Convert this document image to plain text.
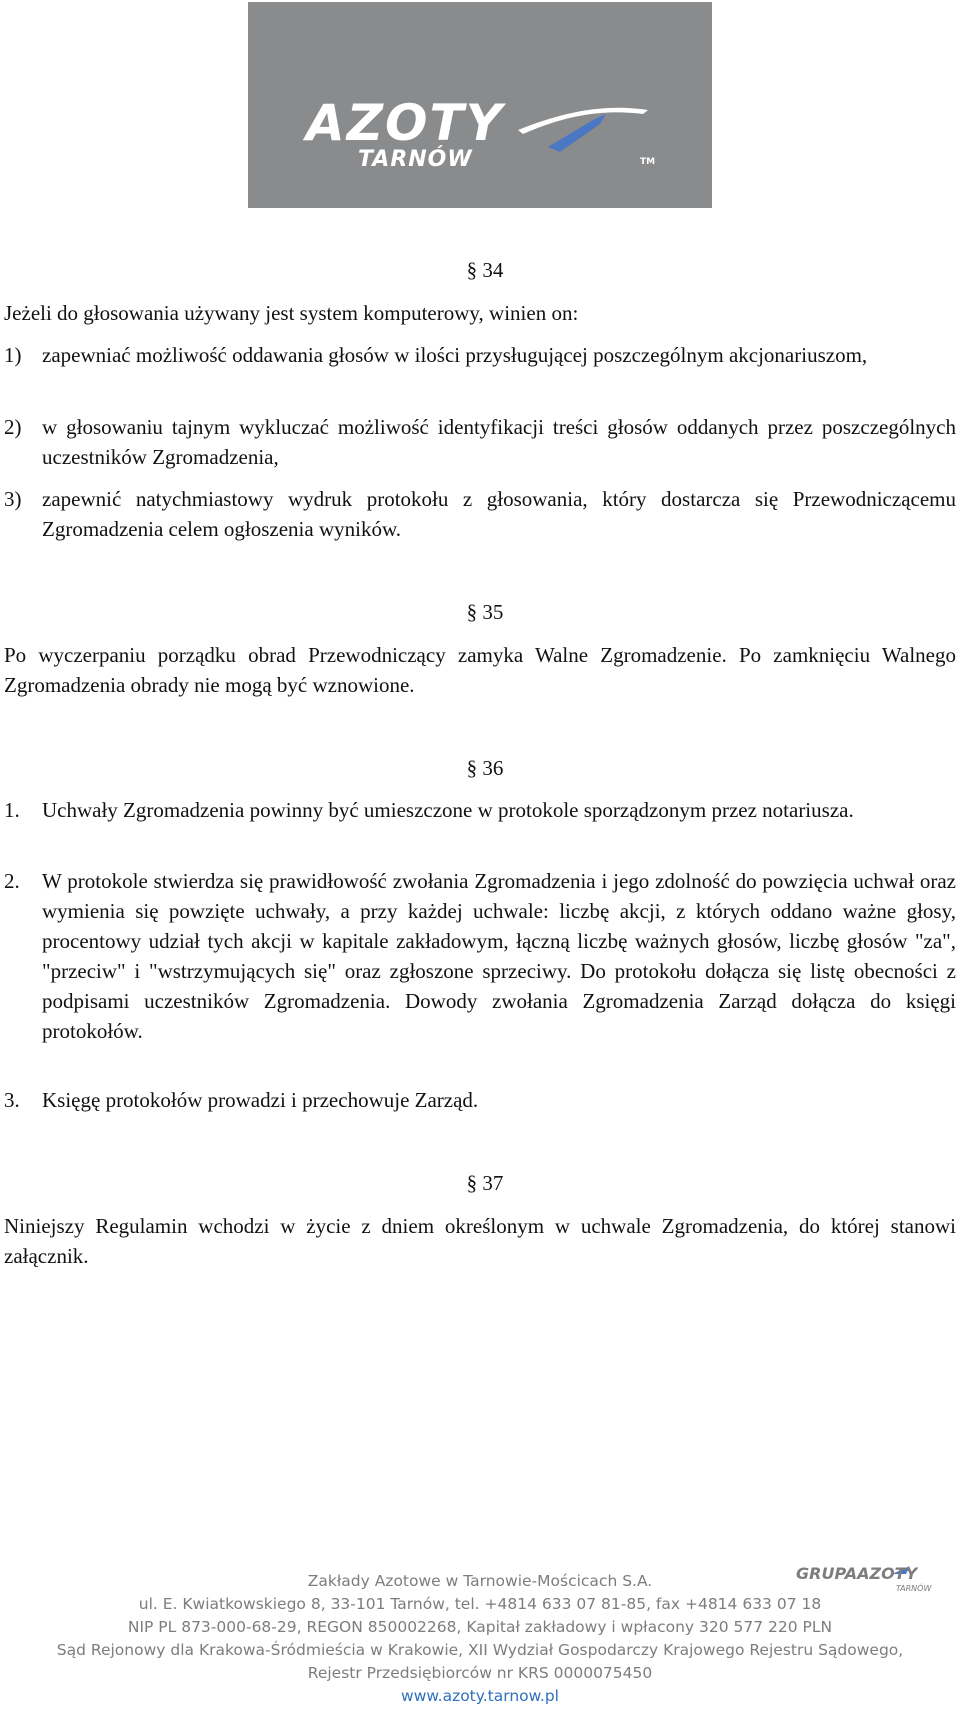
AZOTY
TARNÓW	TM
§ 34
Jeżeli do głosowania używany jest system komputerowy, winien on:
1) zapewniać możliwość oddawania głosów w ilości przysługującej poszczególnym akcjonariuszom,
2) w głosowaniu tajnym wykluczać możliwość identyfikacji treści głosów oddanych przez poszczególnych uczestników Zgromadzenia,
3) zapewnić natychmiastowy wydruk protokołu z głosowania, który dostarcza się Przewodniczącemu Zgromadzenia celem ogłoszenia wyników.
§ 35
Po wyczerpaniu porządku obrad Przewodniczący zamyka Walne Zgromadzenie. Po zamknięciu Walnego Zgromadzenia obrady nie mogą być wznowione.
§ 36
1. Uchwały Zgromadzenia powinny być umieszczone w protokole sporządzonym przez notariusza.
2. W protokole stwierdza się prawidłowość zwołania Zgromadzenia i jego zdolność do powzięcia uchwał oraz wymienia się powzięte uchwały, a przy każdej uchwale: liczbę akcji, z których oddano ważne głosy, procentowy udział tych akcji w kapitale zakładowym, łączną liczbę ważnych głosów, liczbę głosów "za", "przeciw" i "wstrzymujących się" oraz zgłoszone sprzeciwy. Do protokołu dołącza się listę obecności z podpisami uczestników Zgromadzenia. Dowody zwołania Zgromadzenia Zarząd dołącza do księgi protokołów.
3. Księgę protokołów prowadzi i przechowuje Zarząd.
§ 37
Niniejszy Regulamin wchodzi w życie z dniem określonym w uchwale Zgromadzenia, do której stanowi załącznik.
GRUPAAZOTY
TARNÓW
Zakłady Azotowe w Tarnowie-Mościcach S.A.
ul. E. Kwiatkowskiego 8, 33-101 Tarnów, tel. +4814 633 07 81-85, fax +4814 633 07 18
NIP PL 873-000-68-29, REGON 850002268, Kapitał zakładowy i wpłacony 320 577 220 PLN
Sąd Rejonowy dla Krakowa-Śródmieścia w Krakowie, XII Wydział Gospodarczy Krajowego Rejestru Sądowego,
Rejestr Przedsiębiorców nr KRS 0000075450
www.azoty.tarnow.pl
